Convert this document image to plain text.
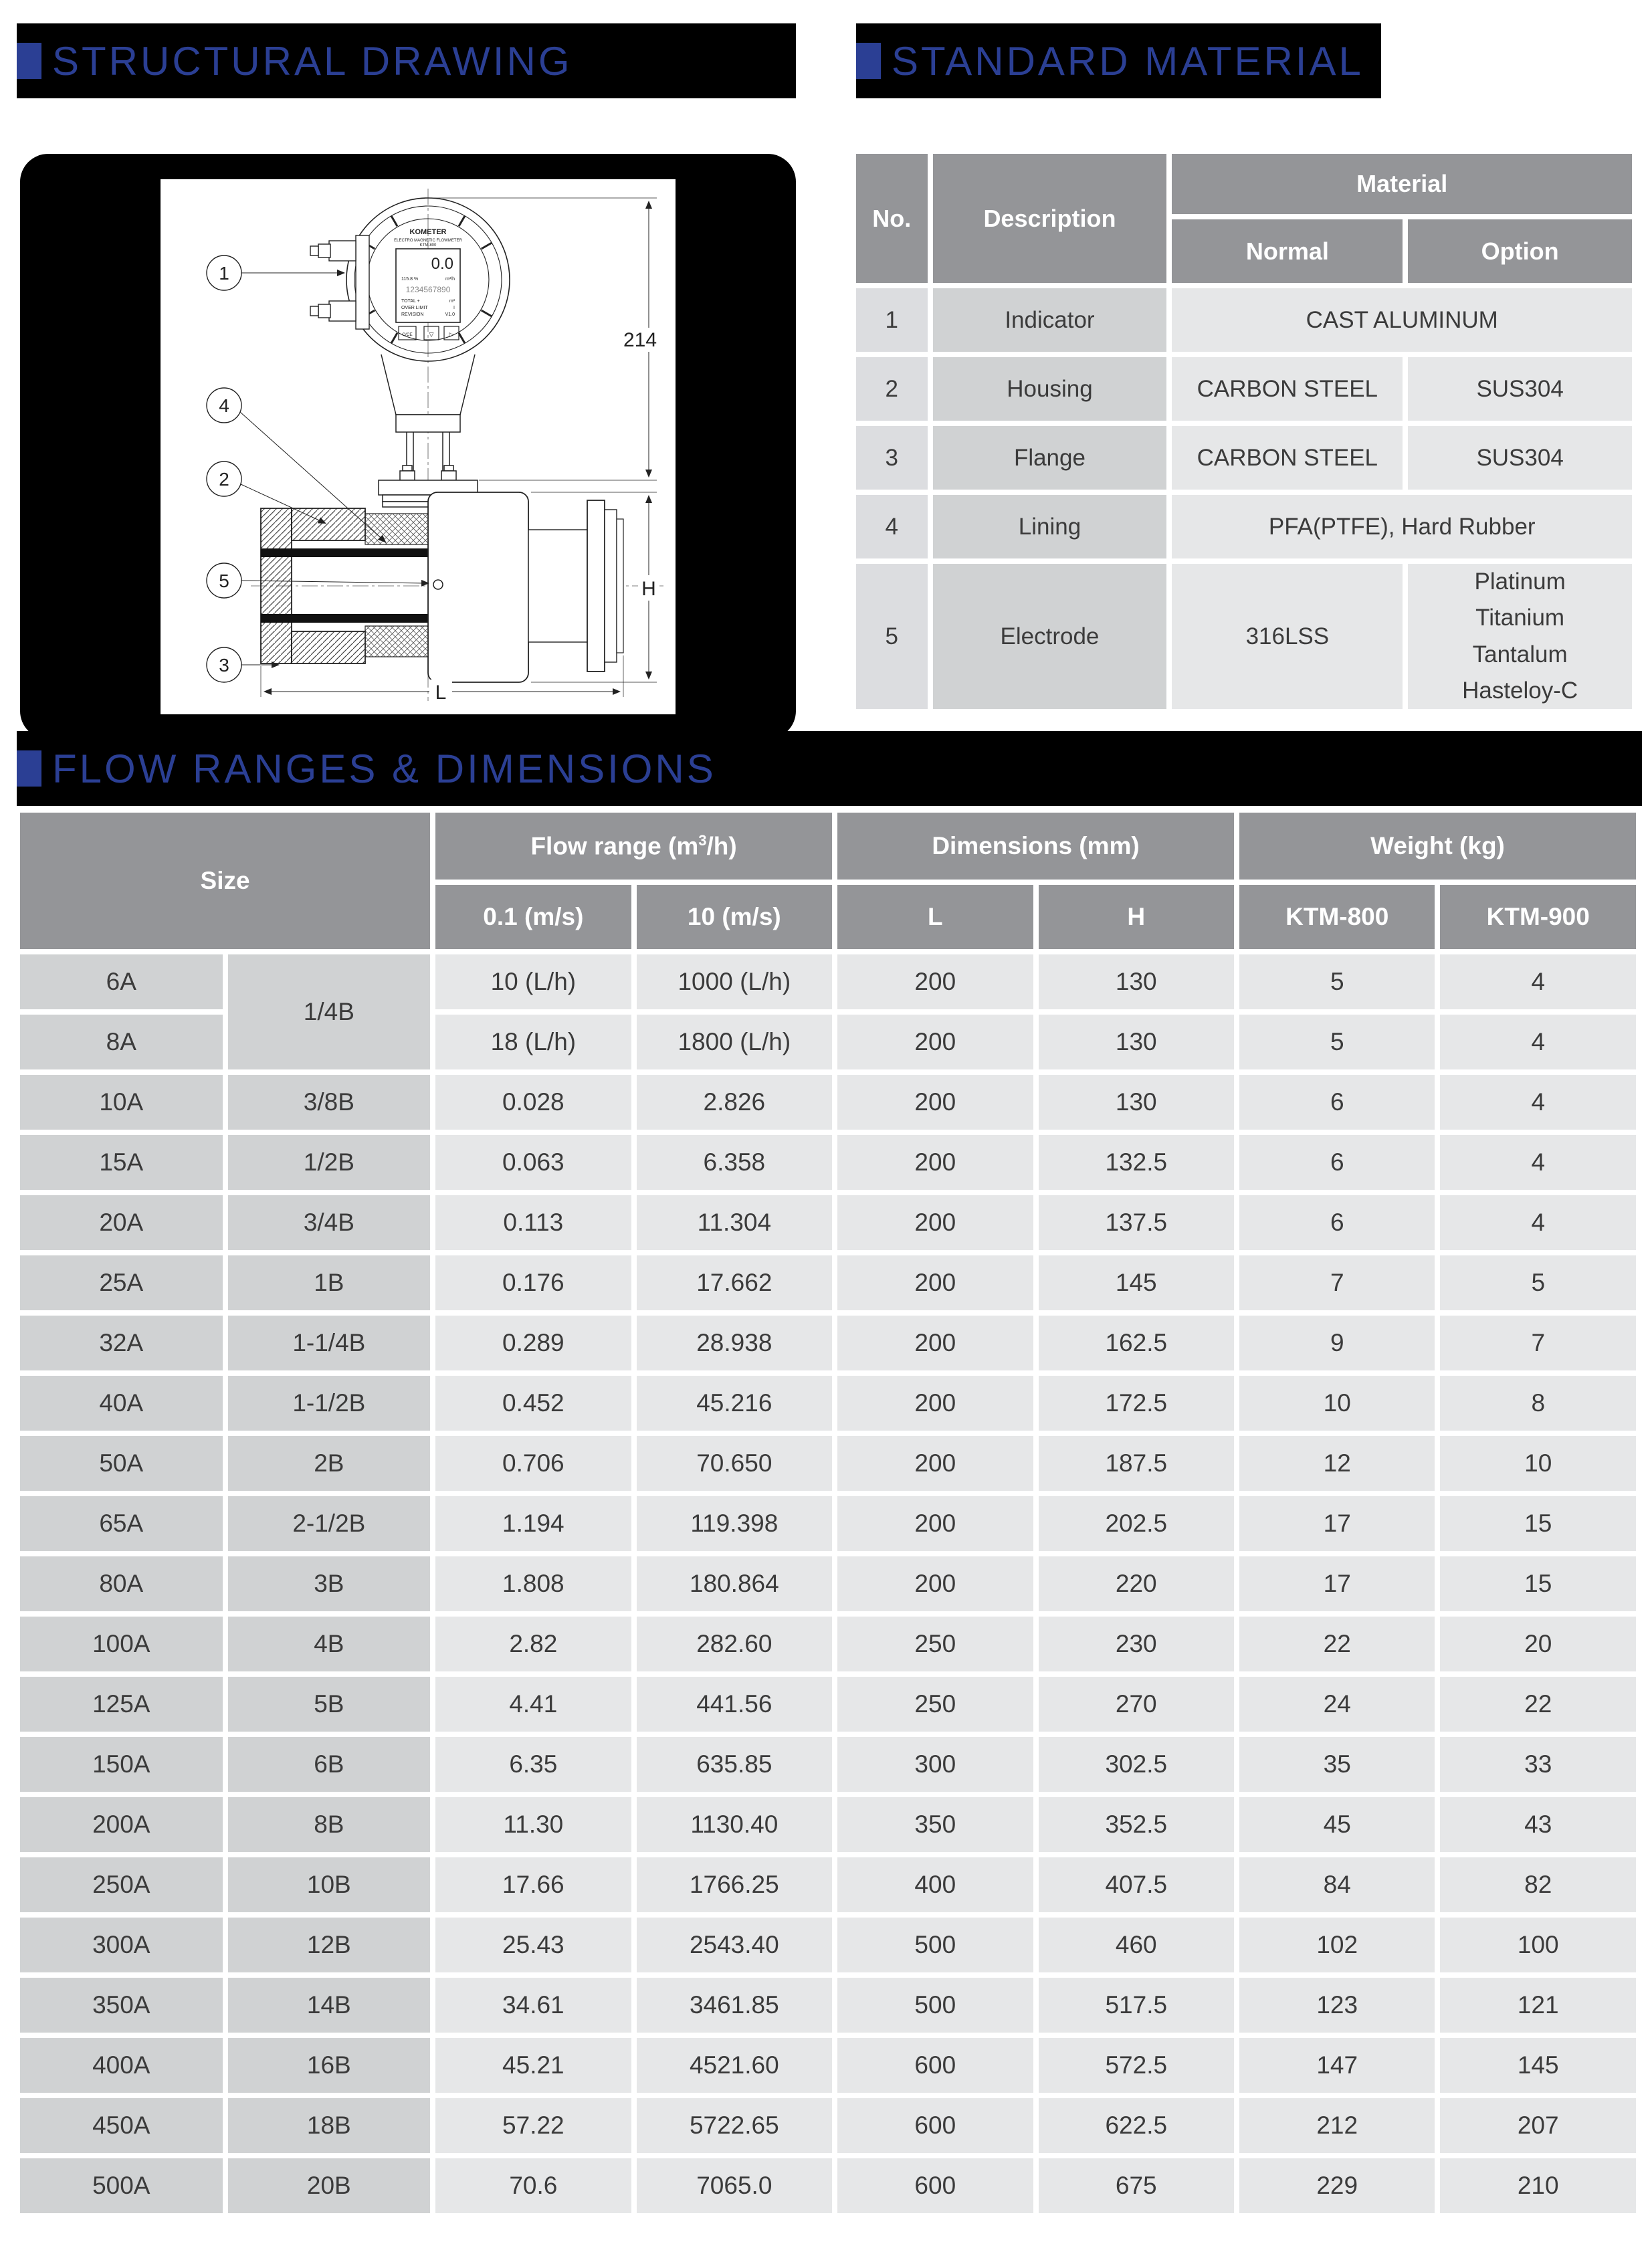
STRUCTURAL DRAWING	STANDARD MATERIAL
KOMETER
ELECTRO MAGNETIC FLOWMETER
KTM-800
0.0
115.8 %	m³/h
1234567890
TOTAL +	m³
OVER LIMIT	I
REVISION	V1.0
C/CE	▽	▷	214
H
L
1
4
2
5
3
No.	Description	Material	
		Normal	Option
1	Indicator	CAST ALUMINUM	
2	Housing	CARBON STEEL	SUS304
3	Flange	CARBON STEEL	SUS304
4	Lining	PFA(PTFE), Hard Rubber	
5	Electrode	316LSS	Platinum
Titanium
Tantalum
Hasteloy-C
FLOW RANGES & DIMENSIONS
Size		Flow range $(m^3/h)$		Dimensions (mm)		Weight (kg)	
		0.1 (m/s)	10 (m/s)	L	H	KTM-800	KTM-900
6A	1/4B	10 (L/h)	1000 (L/h)	200	130	5	4
8A		18 (L/h)	1800 (L/h)	200	130	5	4
10A	3/8B	0.028	2.826	200	130	6	4
15A	1/2B	0.063	6.358	200	132.5	6	4
20A	3/4B	0.113	11.304	200	137.5	6	4
25A	1B	0.176	17.662	200	145	7	5
32A	1-1/4B	0.289	28.938	200	162.5	9	7
40A	1-1/2B	0.452	45.216	200	172.5	10	8
50A	2B	0.706	70.650	200	187.5	12	10
65A	2-1/2B	1.194	119.398	200	202.5	17	15
80A	3B	1.808	180.864	200	220	17	15
100A	4B	2.82	282.60	250	230	22	20
125A	5B	4.41	441.56	250	270	24	22
150A	6B	6.35	635.85	300	302.5	35	33
200A	8B	11.30	1130.40	350	352.5	45	43
250A	10B	17.66	1766.25	400	407.5	84	82
300A	12B	25.43	2543.40	500	460	102	100
350A	14B	34.61	3461.85	500	517.5	123	121
400A	16B	45.21	4521.60	600	572.5	147	145
450A	18B	57.22	5722.65	600	622.5	212	207
500A	20B	70.6	7065.0	600	675	229	210
